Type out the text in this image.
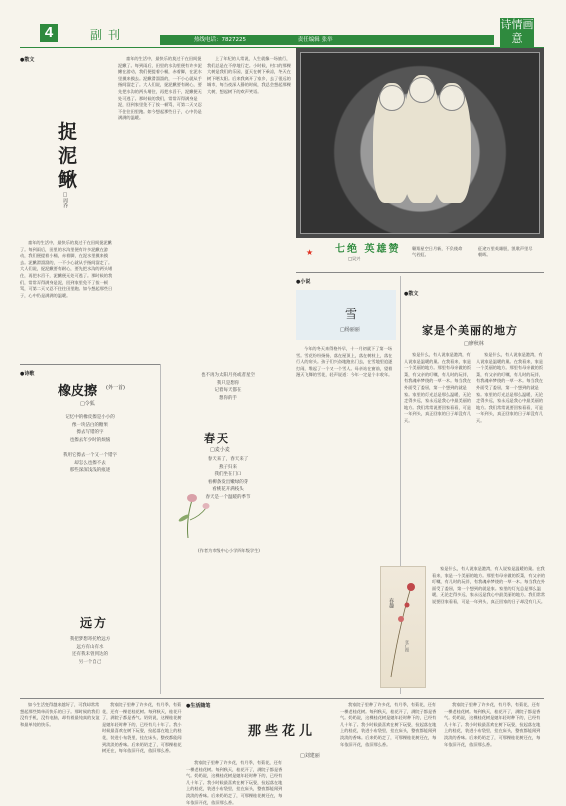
4	副刊	热线电话：7827225	责任编辑 张举
诗情画意
●散文
捉泥鳅
□周乔
童年的生活中，最快乐的莫过于在田间捉泥鳅了。每到雨后，田里的水沟里便有许多泥鳅在游动，我们便提着小桶，赤着脚，在泥水里摸来摸去。泥鳅滑溜溜的，一不小心就从手指间溜走了。大人们说，捉泥鳅要有耐心，要先把水沟的两头堵住，再把水舀干，泥鳅便无处可逃了。那时候的我们，常常弄得满身是泥，回到家里免不了挨一顿骂，可第二天又忍不住往田里跑。如今想起那些日子，心中仍是满满的温暖。
童年的生活中，最快乐的莫过于在田间捉泥鳅了。每到雨后，田里的水沟里便有许多泥鳅在游动，我们便提着小桶，赤着脚，在泥水里摸来摸去。泥鳅滑溜溜的，一不小心就从手指间溜走了。大人们说，捉泥鳅要有耐心，要先把水沟的两头堵住，再把水舀干，泥鳅便无处可逃了。那时候的我们，常常弄得满身是泥，回到家里免不了挨一顿骂，可第二天又忍不住往田里跑。如今想起那些日子，心中仍是满满的温暖。
上了年纪的人常说，人生就像一场旅行，我们总是在不停地行走。小时候，村口的那棵大树是我们的乐园，夏天在树下乘凉，冬天在树下晒太阳。后来我离开了家乡，去了很远的城市，每当夜深人静的时候，我总会想起那棵大树，想起树下的欢声笑语。
●诗歌
橡皮擦 (外一首)
□令狐
记忆中的橡皮擦是小小的
像一块洁白的糖果
擦去写错的字
也擦去年少时的烦恼
我用它擦去一个又一个错字
却怎么也擦不去
那些深深浅浅的痕迹
远方
我把梦想寄托给远方
远方有山有水
还有我未曾到达的
另一个自己
也不再为太阳月亮或者星空
我只是想你
记着每天都在
想你的手
春天
□麦小麦
春天来了，春天来了
燕子归来
我们坐在门口
看柳条发出嫩绿的芽
看桃花开满枝头
春天是一个温暖的季节
(作者为市级中心小学四年级学生)
七绝 英雄赞
□吴兴
★	翱翔星空日月新，不负使命气若虹。
征途万里英雄胆，凯歌声里尽朝晖。
●小说
雪
□杨丽丽
今年的冬天来得格外早，十一月初就下了第一场雪。雪花纷纷扬扬，落在屋顶上，落在树枝上，落在行人的肩头。孩子们兴奋地跑出门去，在雪地里追逐打闹，堆起了一个又一个雪人。母亲站在窗前，望着漫天飞舞的雪花，轻声说道：今年一定是个丰收年。
●散文
家是个美丽的地方
□廖秋林
家是什么，有人说家是港湾，有人说家是温暖的巢。在我看来，家是一个美丽的地方。那里有母亲做的饭菜，有父亲的叮嘱，有儿时的玩伴，有我魂牵梦绕的一草一木。每当我在外面受了委屈，第一个想到的就是家。家里的灯光总是那么温暖，无论走得多远，家永远是我心中最美丽的地方。我们常常说要回家看看，可是一年到头，真正回家的日子却没有几天。
家是什么，有人说家是港湾，有人说家是温暖的巢。在我看来，家是一个美丽的地方。那里有母亲做的饭菜，有父亲的叮嘱，有儿时的玩伴，有我魂牵梦绕的一草一木。每当我在外面受了委屈，第一个想到的就是家。家里的灯光总是那么温暖，无论走得多远，家永远是我心中最美丽的地方。我们常常说要回家看看，可是一年到头，真正回家的日子却没有几天。
春趣
张仁摄
家是什么，有人说家是港湾，有人说家是温暖的巢。在我看来，家是一个美丽的地方。那里有母亲做的饭菜，有父亲的叮嘱，有儿时的玩伴，有我魂牵梦绕的一草一木。每当我在外面受了委屈，第一个想到的就是家。家里的灯光总是那么温暖，无论走得多远，家永远是我心中最美丽的地方。我们常常说要回家看看，可是一年到头，真正回家的日子却没有几天。
如今生活变得越来越好了，可我却常常想起那些简单而快乐的日子。那时候的我们没有手机，没有电脑，却有着最纯真的友谊和最单纯的快乐。
我家院子里种了许多花，有月季，有菊花，还有一棵老桂花树。每到秋天，桂花开了，满院子都是香气。奶奶说，这棵桂花树是她年轻时种下的，已经有几十年了。我小时候最喜欢在树下玩耍，捡起落在地上的桂花，装进小布袋里，挂在床头，整夜都能闻到淡淡的香味。后来奶奶走了，可那棵桂花树还在，每年依旧开花，依旧那么香。
●生活随笔
那些花儿
□刘建丽
我家院子里种了许多花，有月季，有菊花，还有一棵老桂花树。每到秋天，桂花开了，满院子都是香气。奶奶说，这棵桂花树是她年轻时种下的，已经有几十年了。我小时候最喜欢在树下玩耍，捡起落在地上的桂花，装进小布袋里，挂在床头，整夜都能闻到淡淡的香味。后来奶奶走了，可那棵桂花树还在，每年依旧开花，依旧那么香。
我家院子里种了许多花，有月季，有菊花，还有一棵老桂花树。每到秋天，桂花开了，满院子都是香气。奶奶说，这棵桂花树是她年轻时种下的，已经有几十年了。我小时候最喜欢在树下玩耍，捡起落在地上的桂花，装进小布袋里，挂在床头，整夜都能闻到淡淡的香味。后来奶奶走了，可那棵桂花树还在，每年依旧开花，依旧那么香。
我家院子里种了许多花，有月季，有菊花，还有一棵老桂花树。每到秋天，桂花开了，满院子都是香气。奶奶说，这棵桂花树是她年轻时种下的，已经有几十年了。我小时候最喜欢在树下玩耍，捡起落在地上的桂花，装进小布袋里，挂在床头，整夜都能闻到淡淡的香味。后来奶奶走了，可那棵桂花树还在，每年依旧开花，依旧那么香。
